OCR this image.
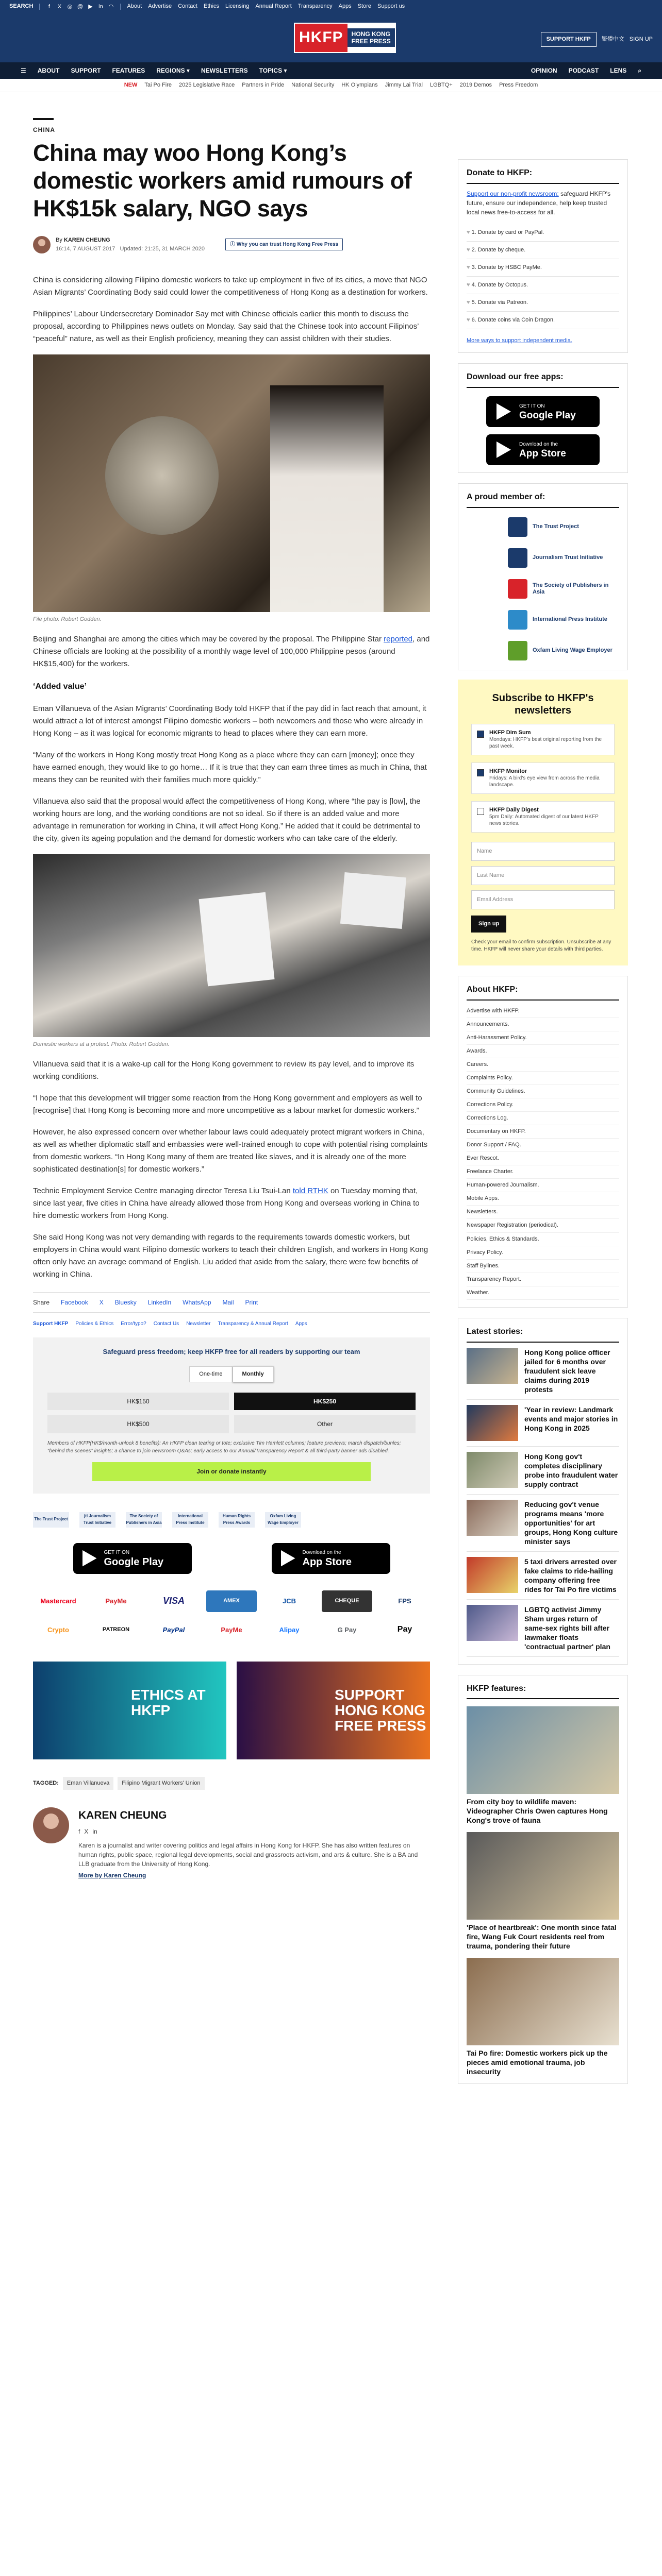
SEARCH	f	X ◎ @ ▶ in ◠ About Advertise Contact Ethics Licensing Annual Report Transparency Apps Store Support us
HKFP	HONG KONG
FREE PRESS	SUPPORT HKFP	繁體中文 SIGN UP
☰ ABOUT SUPPORT FEATURES REGIONS ▾ NEWSLETTERS TOPICS ▾	OPINION PODCAST LENS ⌕
NEW Tai Po Fire 2025 Legislative Race Partners in Pride National Security HK Olympians Jimmy Lai Trial LGBTQ+ 2019 Demos Press Freedom
CHINA
China may woo Hong Kong’s domestic workers amid rumours of HK$15k salary, NGO says
By KAREN CHEUNG
16:14, 7 AUGUST 2017 Updated: 21:25, 31 MARCH 2020
ⓘ Why you can trust Hong Kong Free Press

China is considering allowing Filipino domestic workers to take up employment in five of its cities, a move that NGO Asian Migrants’ Coordinating Body said could lower the competitiveness of Hong Kong as a destination for workers.

Philippines’ Labour Undersecretary Dominador Say met with Chinese officials earlier this month to discuss the proposal, according to Philippines news outlets on Monday. Say said that the Chinese took into account Filipinos’ “peaceful” nature, as well as their English proficiency, meaning they can assist children with their studies.

File photo: Robert Godden.

Beijing and Shanghai are among the cities which may be covered by the proposal. The Philippine Star reported, and Chinese officials are looking at the possibility of a monthly wage level of 100,000 Philippine pesos (around HK$15,400) for the workers.

‘Added value’

Eman Villanueva of the Asian Migrants’ Coordinating Body told HKFP that if the pay did in fact reach that amount, it would attract a lot of interest amongst Filipino domestic workers – both newcomers and those who were already in Hong Kong – as it was logical for economic migrants to head to places where they can earn more.

“Many of the workers in Hong Kong mostly treat Hong Kong as a place where they can earn [money]; once they have earned enough, they would like to go home… If it is true that they can earn three times as much in China, that means they can be reunited with their families much more quickly.”

Villanueva also said that the proposal would affect the competitiveness of Hong Kong, where “the pay is [low], the working hours are long, and the working conditions are not so ideal. So if there is an added value and more advantage in remuneration for working in China, it will affect Hong Kong.” He added that it could be detrimental to the city, given its ageing population and the demand for domestic workers who can take care of the elderly.

Domestic workers at a protest. Photo: Robert Godden.

Villanueva said that it is a wake-up call for the Hong Kong government to review its pay level, and to improve its working conditions.

“I hope that this development will trigger some reaction from the Hong Kong government and employers as well to [recognise] that Hong Kong is becoming more and more uncompetitive as a labour market for domestic workers.”

However, he also expressed concern over whether labour laws could adequately protect migrant workers in China, as well as whether diplomatic staff and embassies were well-trained enough to cope with potential rising complaints from domestic workers. “In Hong Kong many of them are treated like slaves, and it is already one of the more sophisticated destination[s] for domestic workers.”

Technic Employment Service Centre managing director Teresa Liu Tsui-Lan told RTHK on Tuesday morning that, since last year, five cities in China have already allowed those from Hong Kong and overseas working in China to hire domestic workers from Hong Kong.

She said Hong Kong was not very demanding with regards to the requirements towards domestic workers, but employers in China would want Filipino domestic workers to teach their children English, and workers in Hong Kong often only have an average command of English. Liu added that aside from the salary, there were few benefits of working in China.

Share Facebook X Bluesky LinkedIn WhatsApp Mail Print
Support HKFP Policies & Ethics Error/typo? Contact Us Newsletter Transparency & Annual Report Apps
Safeguard press freedom; keep HKFP free for all readers by supporting our team
One-time	Monthly
HK$150	HK$250
HK$500	Other
Members of HKFP(HK$/month-unlock 8 benefits): An HKFP clean tearing or tote; exclusive Tim Hamlett columns; feature previews; march dispatch/bunles; “behind the scenes” insights; a chance to join newsroom Q&As; early access to our Annual/Transparency Report & all third-party banner ads disabled.
Join or donate instantly
The Trust Project
jti Journalism Trust Initiative
The Society of Publishers in Asia
International Press Institute
Human Rights Press Awards
Oxfam Living Wage Employer
GET IT ON
Google Play
Download on the
App Store
Mastercard	PayMe	VISA	AMEX	JCB	CHEQUE	FPS
Crypto	PATREON	PayPal	PayMe	Alipay	G Pay	Pay
ETHICS AT HKFP
SUPPORT HONG KONG FREE PRESS
TAGGED:	Eman Villanueva	Filipino Migrant Workers' Union
KAREN CHEUNG
f X in

Karen is a journalist and writer covering politics and legal affairs in Hong Kong for HKFP. She has also written features on human rights, public space, regional legal developments, social and grassroots activism, and arts & culture. She is a BA and LLB graduate from the University of Hong Kong.

More by Karen Cheung
Donate to HKFP:
Support our non-profit newsroom: safeguard HKFP's future, ensure our independence, help keep trusted local news free-to-access for all.
♥ 1. Donate by card or PayPal.
♥ 2. Donate by cheque.
♥ 3. Donate by HSBC PayMe.
♥ 4. Donate by Octopus.
♥ 5. Donate via Patreon.
♥ 6. Donate coins via Coin Dragon.
More ways to support independent media.
Download our free apps:
GET IT ON
Google Play
Download on the
App Store
A proud member of:
The Trust Project
Journalism Trust Initiative
The Society of Publishers in Asia
International Press Institute
Oxfam Living Wage Employer
Subscribe to HKFP's newsletters
HKFP Dim Sum
Mondays: HKFP's best original reporting from the past week.
HKFP Monitor
Fridays: A bird's eye view from across the media landscape.
HKFP Daily Digest
5pm Daily: Automated digest of our latest HKFP news stories.
Name
Last Name
Email Address
Sign up
Check your email to confirm subscription. Unsubscribe at any time. HKFP will never share your details with third parties.
About HKFP:
Advertise with HKFP.
Announcements.
Anti-Harassment Policy.
Awards.
Careers.
Complaints Policy.
Community Guidelines.
Corrections Policy.
Corrections Log.
Documentary on HKFP.
Donor Support / FAQ.
Ever Rescot.
Freelance Charter.
Human-powered Journalism.
Mobile Apps.
Newsletters.
Newspaper Registration (periodical).
Policies, Ethics & Standards.
Privacy Policy.
Staff Bylines.
Transparency Report.
Weather.
Latest stories:
Hong Kong police officer jailed for 6 months over fraudulent sick leave claims during 2019 protests
'Year in review: Landmark events and major stories in Hong Kong in 2025
Hong Kong gov't completes disciplinary probe into fraudulent water supply contract
Reducing gov't venue programs means 'more opportunities' for art groups, Hong Kong culture minister says
5 taxi drivers arrested over fake claims to ride-hailing company offering free rides for Tai Po fire victims
LGBTQ activist Jimmy Sham urges return of same-sex rights bill after lawmaker floats 'contractual partner' plan
HKFP features:
From city boy to wildlife maven: Videographer Chris Owen captures Hong Kong's trove of fauna
'Place of heartbreak': One month since fatal fire, Wang Fuk Court residents reel from trauma, pondering their future
Tai Po fire: Domestic workers pick up the pieces amid emotional trauma, job insecurity
